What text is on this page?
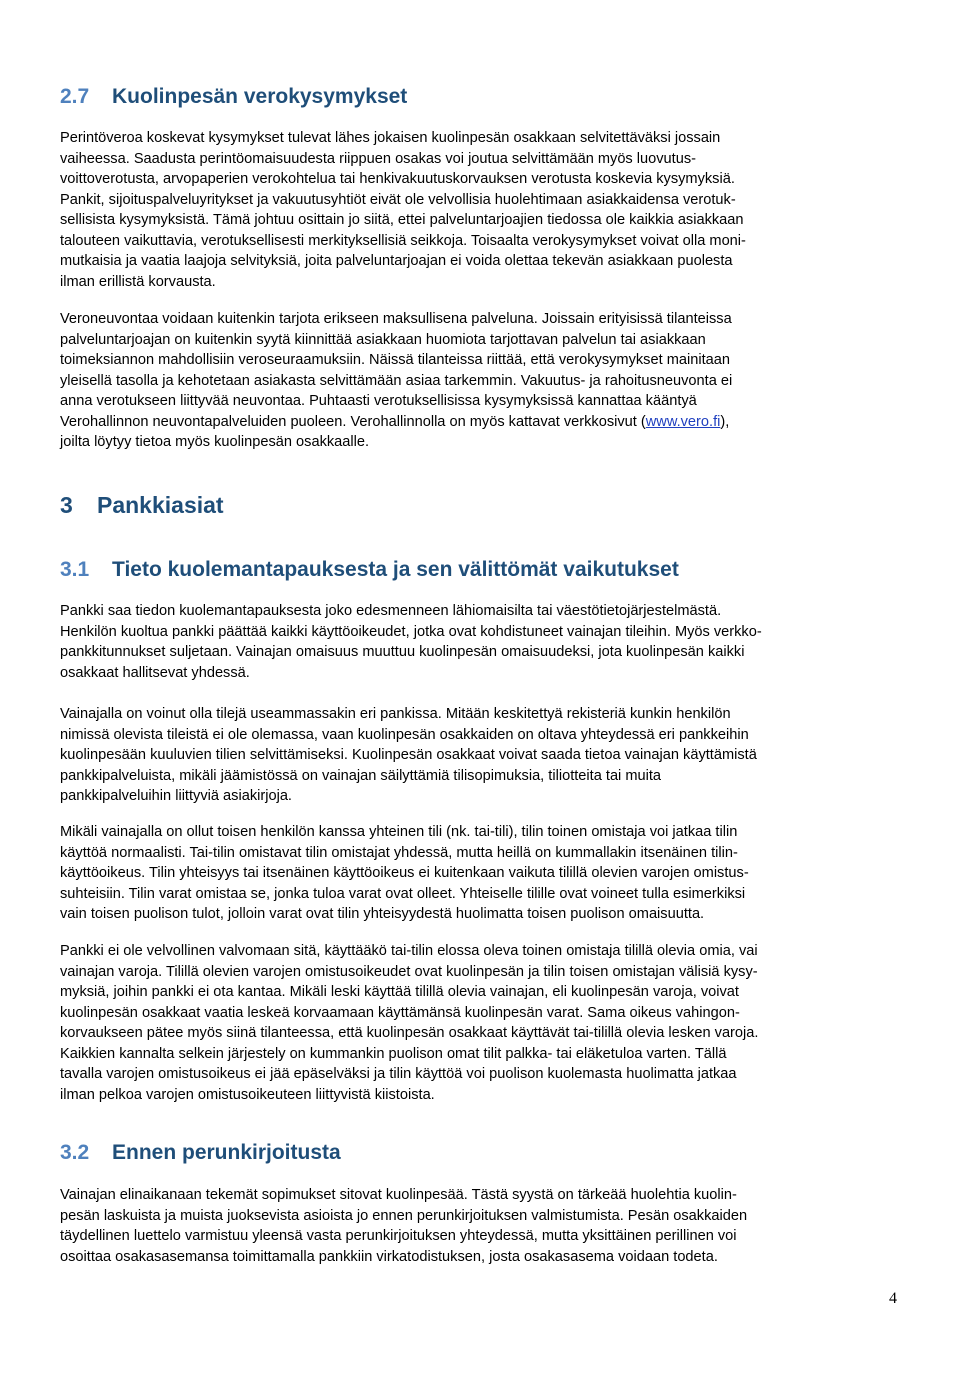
2.7 Kuolinpesän verokysymykset
Perintöveroa koskevat kysymykset tulevat lähes jokaisen kuolinpesän osakkaan selvitettäväksi jossain
vaiheessa. Saadusta perintöomaisuudesta riippuen osakas voi joutua selvittämään myös luovutus-
voittoverotusta, arvopaperien verokohtelua tai henkivakuutuskorvauksen verotusta koskevia kysymyksiä.
Pankit, sijoituspalveluyritykset ja vakuutusyhtiöt eivät ole velvollisia huolehtimaan asiakkaidensa verotuk-
sellisista kysymyksistä. Tämä johtuu osittain jo siitä, ettei palveluntarjoajien tiedossa ole kaikkia asiakkaan
talouteen vaikuttavia, verotuksellisesti merkityksellisiä seikkoja. Toisaalta verokysymykset voivat olla moni-
mutkaisia ja vaatia laajoja selvityksiä, joita palveluntarjoajan ei voida olettaa tekevän asiakkaan puolesta
ilman erillistä korvausta.
Veroneuvontaa voidaan kuitenkin tarjota erikseen maksullisena palveluna. Joissain erityisissä tilanteissa
palveluntarjoajan on kuitenkin syytä kiinnittää asiakkaan huomiota tarjottavan palvelun tai asiakkaan
toimeksiannon mahdollisiin veroseuraamuksiin. Näissä tilanteissa riittää, että verokysymykset mainitaan
yleisellä tasolla ja kehotetaan asiakasta selvittämään asiaa tarkemmin. Vakuutus- ja rahoitusneuvonta ei
anna verotukseen liittyvää neuvontaa. Puhtaasti verotuksellisissa kysymyksissä kannattaa kääntyä
Verohallinnon neuvontapalveluiden puoleen. Verohallinnolla on myös kattavat verkkosivut (www.vero.fi),
joilta löytyy tietoa myös kuolinpesän osakkaalle.
3 Pankkiasiat
3.1 Tieto kuolemantapauksesta ja sen välittömät vaikutukset
Pankki saa tiedon kuolemantapauksesta joko edesmenneen lähiomaisilta tai väestötietojärjestelmästä.
Henkilön kuoltua pankki päättää kaikki käyttöoikeudet, jotka ovat kohdistuneet vainajan tileihin. Myös verkko-
pankkitunnukset suljetaan. Vainajan omaisuus muuttuu kuolinpesän omaisuudeksi, jota kuolinpesän kaikki
osakkaat hallitsevat yhdessä.
Vainajalla on voinut olla tilejä useammassakin eri pankissa. Mitään keskitettyä rekisteriä kunkin henkilön
nimissä olevista tileistä ei ole olemassa, vaan kuolinpesän osakkaiden on oltava yhteydessä eri pankkeihin
kuolinpesään kuuluvien tilien selvittämiseksi. Kuolinpesän osakkaat voivat saada tietoa vainajan käyttämistä
pankkipalveluista, mikäli jäämistössä on vainajan säilyttämiä tilisopimuksia, tiliotteita tai muita
pankkipalveluihin liittyviä asiakirjoja.
Mikäli vainajalla on ollut toisen henkilön kanssa yhteinen tili (nk. tai-tili), tilin toinen omistaja voi jatkaa tilin
käyttöä normaalisti. Tai-tilin omistavat tilin omistajat yhdessä, mutta heillä on kummallakin itsenäinen tilin-
käyttöoikeus. Tilin yhteisyys tai itsenäinen käyttöoikeus ei kuitenkaan vaikuta tilillä olevien varojen omistus-
suhteisiin. Tilin varat omistaa se, jonka tuloa varat ovat olleet. Yhteiselle tilille ovat voineet tulla esimerkiksi
vain toisen puolison tulot, jolloin varat ovat tilin yhteisyydestä huolimatta toisen puolison omaisuutta.
Pankki ei ole velvollinen valvomaan sitä, käyttääkö tai-tilin elossa oleva toinen omistaja tilillä olevia omia, vai
vainajan varoja. Tilillä olevien varojen omistusoikeudet ovat kuolinpesän ja tilin toisen omistajan välisiä kysy-
myksiä, joihin pankki ei ota kantaa. Mikäli leski käyttää tilillä olevia vainajan, eli kuolinpesän varoja, voivat
kuolinpesän osakkaat vaatia leskeä korvaamaan käyttämänsä kuolinpesän varat. Sama oikeus vahingon-
korvaukseen pätee myös siinä tilanteessa, että kuolinpesän osakkaat käyttävät tai-tilillä olevia lesken varoja.
Kaikkien kannalta selkein järjestely on kummankin puolison omat tilit palkka- tai eläketuloa varten. Tällä
tavalla varojen omistusoikeus ei jää epäselväksi ja tilin käyttöä voi puolison kuolemasta huolimatta jatkaa
ilman pelkoa varojen omistusoikeuteen liittyvistä kiistoista.
3.2 Ennen perunkirjoitusta
Vainajan elinaikanaan tekemät sopimukset sitovat kuolinpesää. Tästä syystä on tärkeää huolehtia kuolin-
pesän laskuista ja muista juoksevista asioista jo ennen perunkirjoituksen valmistumista. Pesän osakkaiden
täydellinen luettelo varmistuu yleensä vasta perunkirjoituksen yhteydessä, mutta yksittäinen perillinen voi
osoittaa osakasasemansa toimittamalla pankkiin virkatodistuksen, josta osakasasema voidaan todeta.
4
